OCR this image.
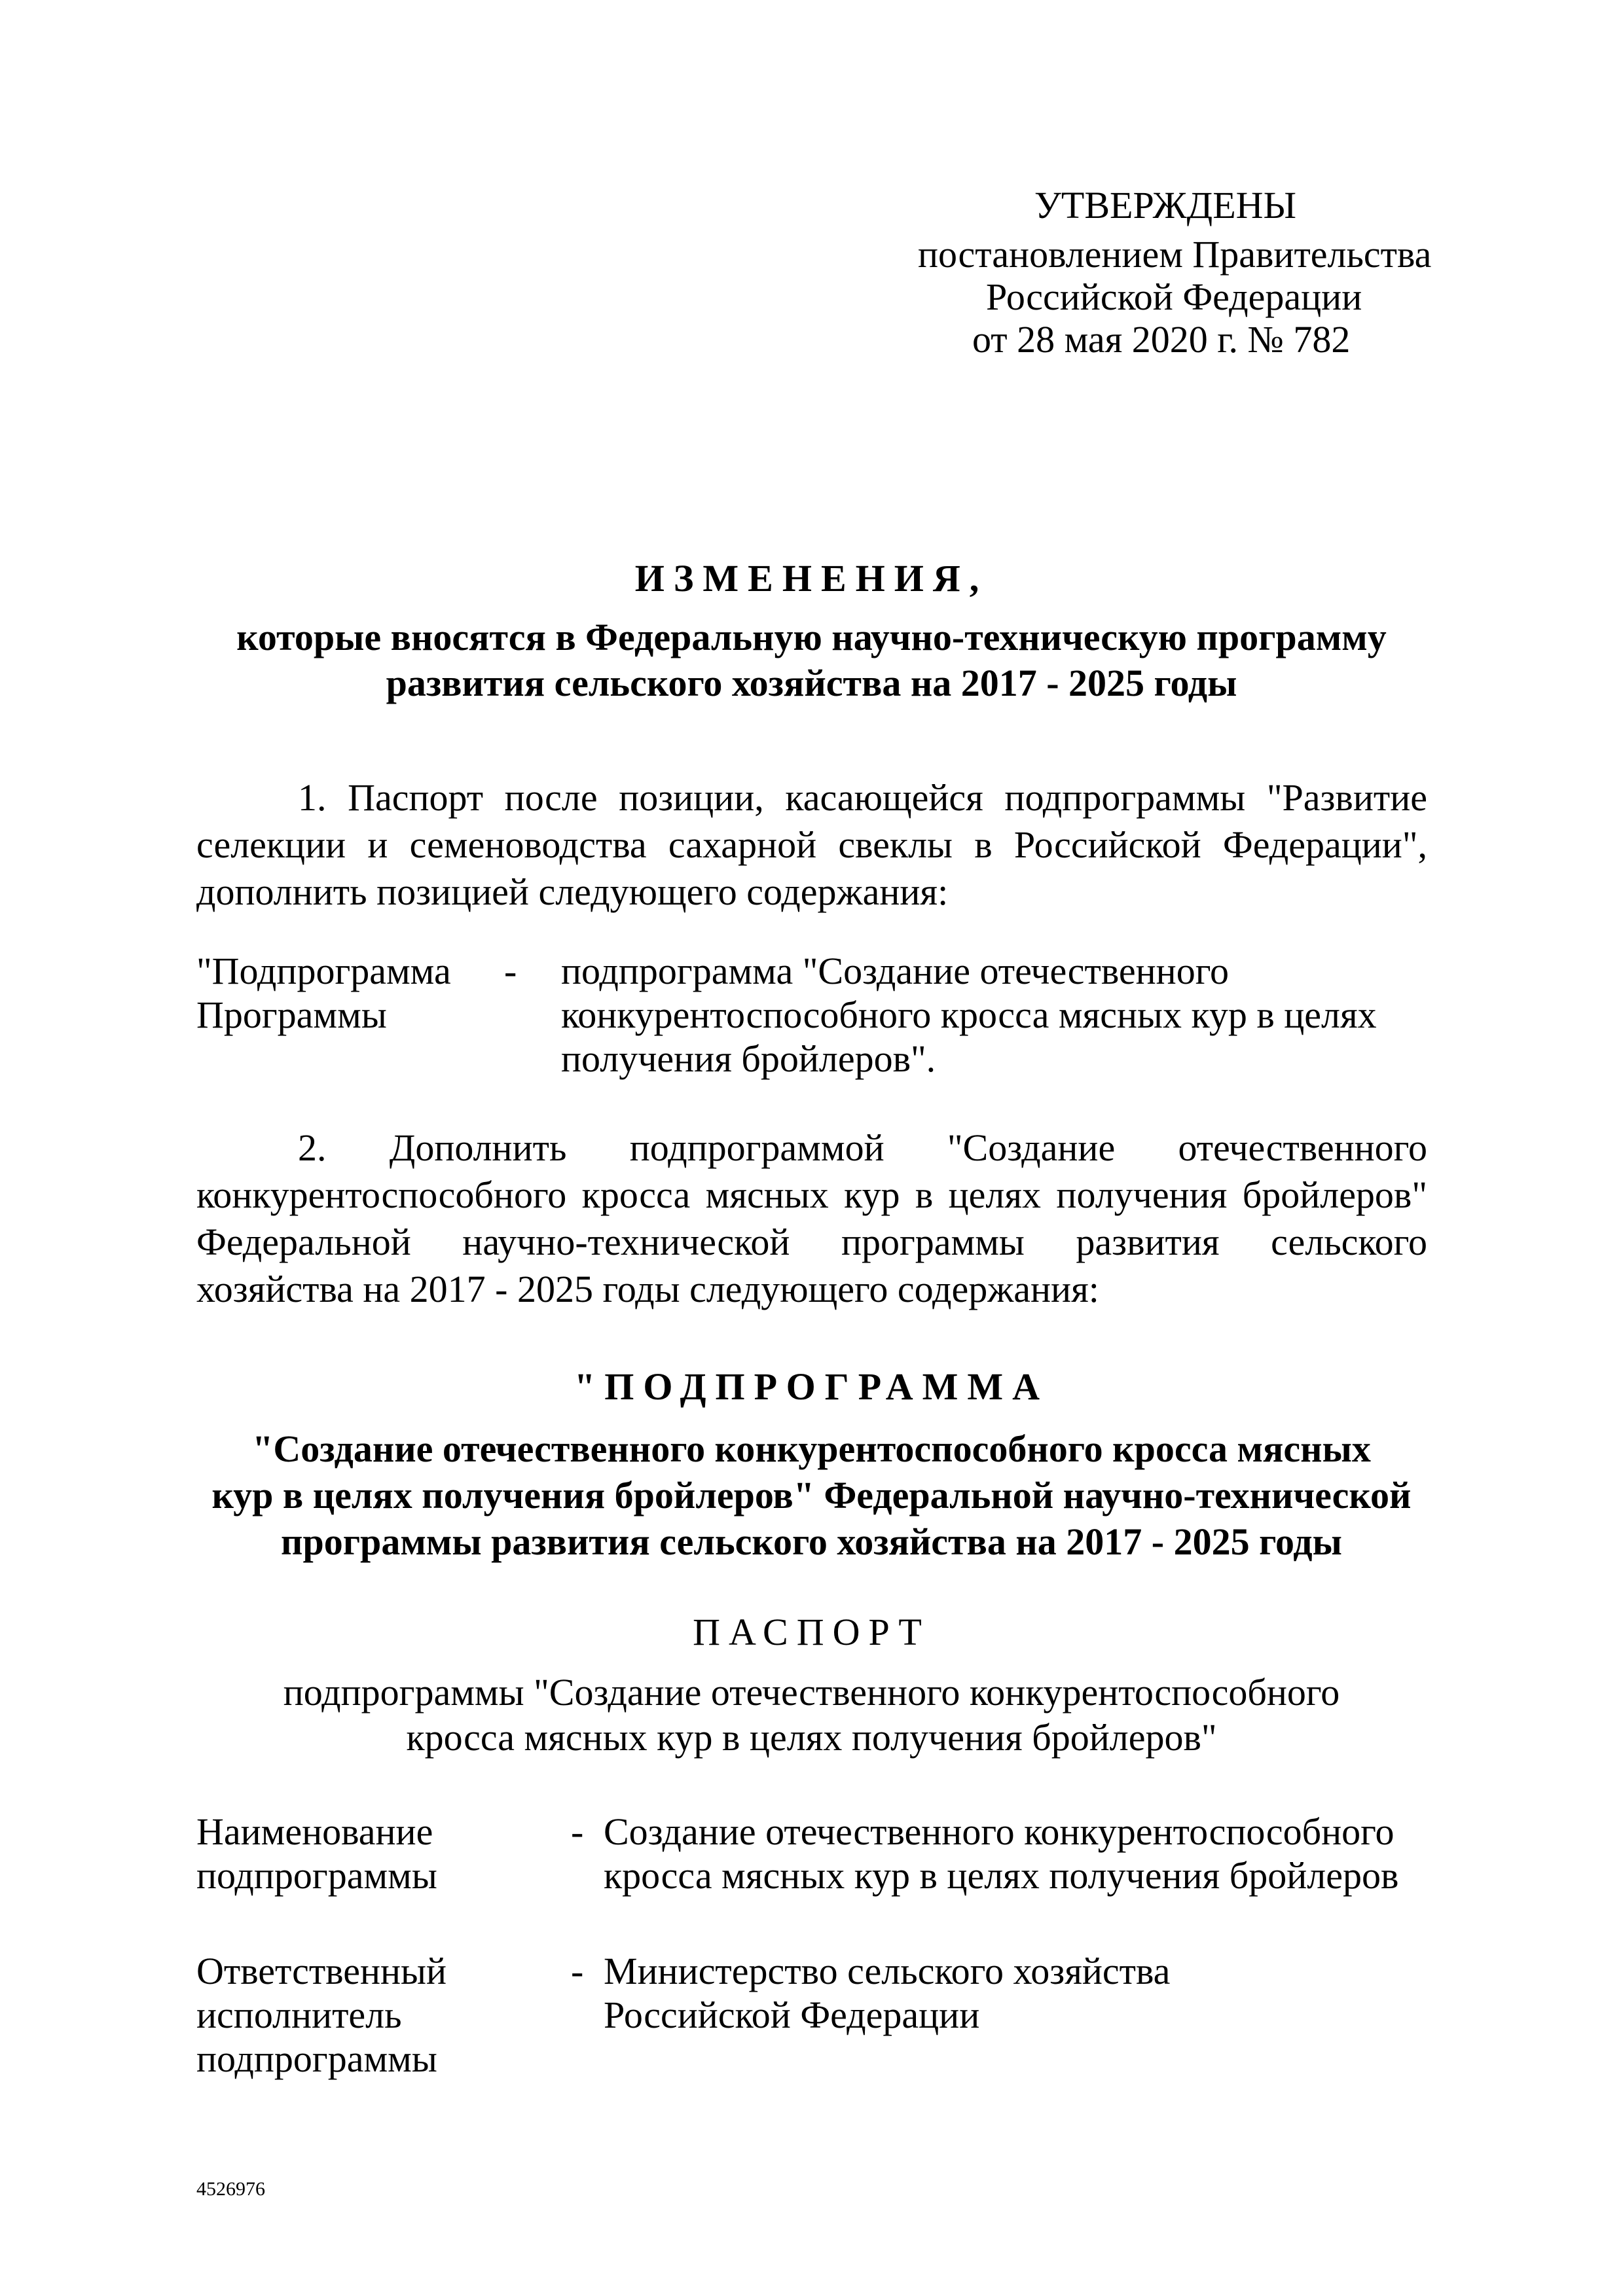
УТВЕРЖДЕНЫ
постановлением Правительства
Российской Федерации
от 28 мая 2020 г. № 782
ИЗМЕНЕНИЯ,
которые вносятся в Федеральную научно-техническую программу
развития сельского хозяйства на 2017 - 2025 годы
1. Паспорт после позиции, касающейся подпрограммы "Развитие
селекции и семеноводства сахарной свеклы в Российской Федерации",
дополнить позицией следующего содержания:
"Подпрограмма
Программы
- подпрограмма "Создание отечественного
конкурентоспособного кросса мясных кур в целях
получения бройлеров".
2. Дополнить подпрограммой "Создание отечественного
конкурентоспособного кросса мясных кур в целях получения бройлеров"
Федеральной научно-технической программы развития сельского
хозяйства на 2017 - 2025 годы следующего содержания:
"ПОДПРОГРАММА
"Создание отечественного конкурентоспособного кросса мясных
кур в целях получения бройлеров" Федеральной научно-технической
программы развития сельского хозяйства на 2017 - 2025 годы
ПАСПОРТ
подпрограммы "Создание отечественного конкурентоспособного
кросса мясных кур в целях получения бройлеров"
Наименование
подпрограммы
- Создание отечественного конкурентоспособного
кросса мясных кур в целях получения бройлеров
Ответственный
исполнитель
подпрограммы
- Министерство сельского хозяйства
Российской Федерации
4526976
